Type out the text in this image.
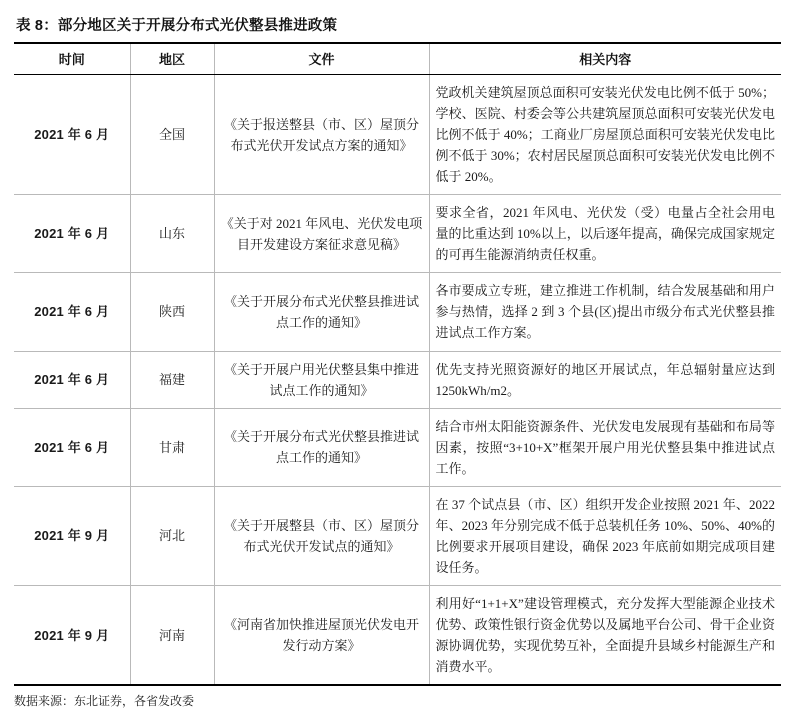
表 8：部分地区关于开展分布式光伏整县推进政策
时间	地区	文件	相关内容
2021 年 6 月	全国	《关于报送整县（市、区）屋顶分布式光伏开发试点方案的通知》	党政机关建筑屋顶总面积可安装光伏发电比例不低于 50%；学校、医院、村委会等公共建筑屋顶总面积可安装光伏发电比例不低于 40%；工商业厂房屋顶总面积可安装光伏发电比例不低于 30%；农村居民屋顶总面积可安装光伏发电比例不低于 20%。
2021 年 6 月	山东	《关于对 2021 年风电、光伏发电项目开发建设方案征求意见稿》	要求全省，2021 年风电、光伏发（受）电量占全社会用电量的比重达到 10%以上，以后逐年提高，确保完成国家规定的可再生能源消纳责任权重。
2021 年 6 月	陕西	《关于开展分布式光伏整县推进试点工作的通知》	各市要成立专班，建立推进工作机制，结合发展基础和用户参与热情，选择 2 到 3 个县(区)提出市级分布式光伏整县推进试点工作方案。
2021 年 6 月	福建	《关于开展户用光伏整县集中推进试点工作的通知》	优先支持光照资源好的地区开展试点，年总辐射量应达到 1250kWh/m2。
2021 年 6 月	甘肃	《关于开展分布式光伏整县推进试点工作的通知》	结合市州太阳能资源条件、光伏发电发展现有基础和布局等因素，按照“3+10+X”框架开展户用光伏整县集中推进试点工作。
2021 年 9 月	河北	《关于开展整县（市、区）屋顶分布式光伏开发试点的通知》	在 37 个试点县（市、区）组织开发企业按照 2021 年、2022 年、2023 年分别完成不低于总装机任务 10%、50%、40%的比例要求开展项目建设，确保 2023 年底前如期完成项目建设任务。
2021 年 9 月	河南	《河南省加快推进屋顶光伏发电开发行动方案》	利用好“1+1+X”建设管理模式，充分发挥大型能源企业技术优势、政策性银行资金优势以及属地平台公司、骨干企业资源协调优势，实现优势互补，全面提升县域乡村能源生产和消费水平。
数据来源：东北证券，各省发改委
